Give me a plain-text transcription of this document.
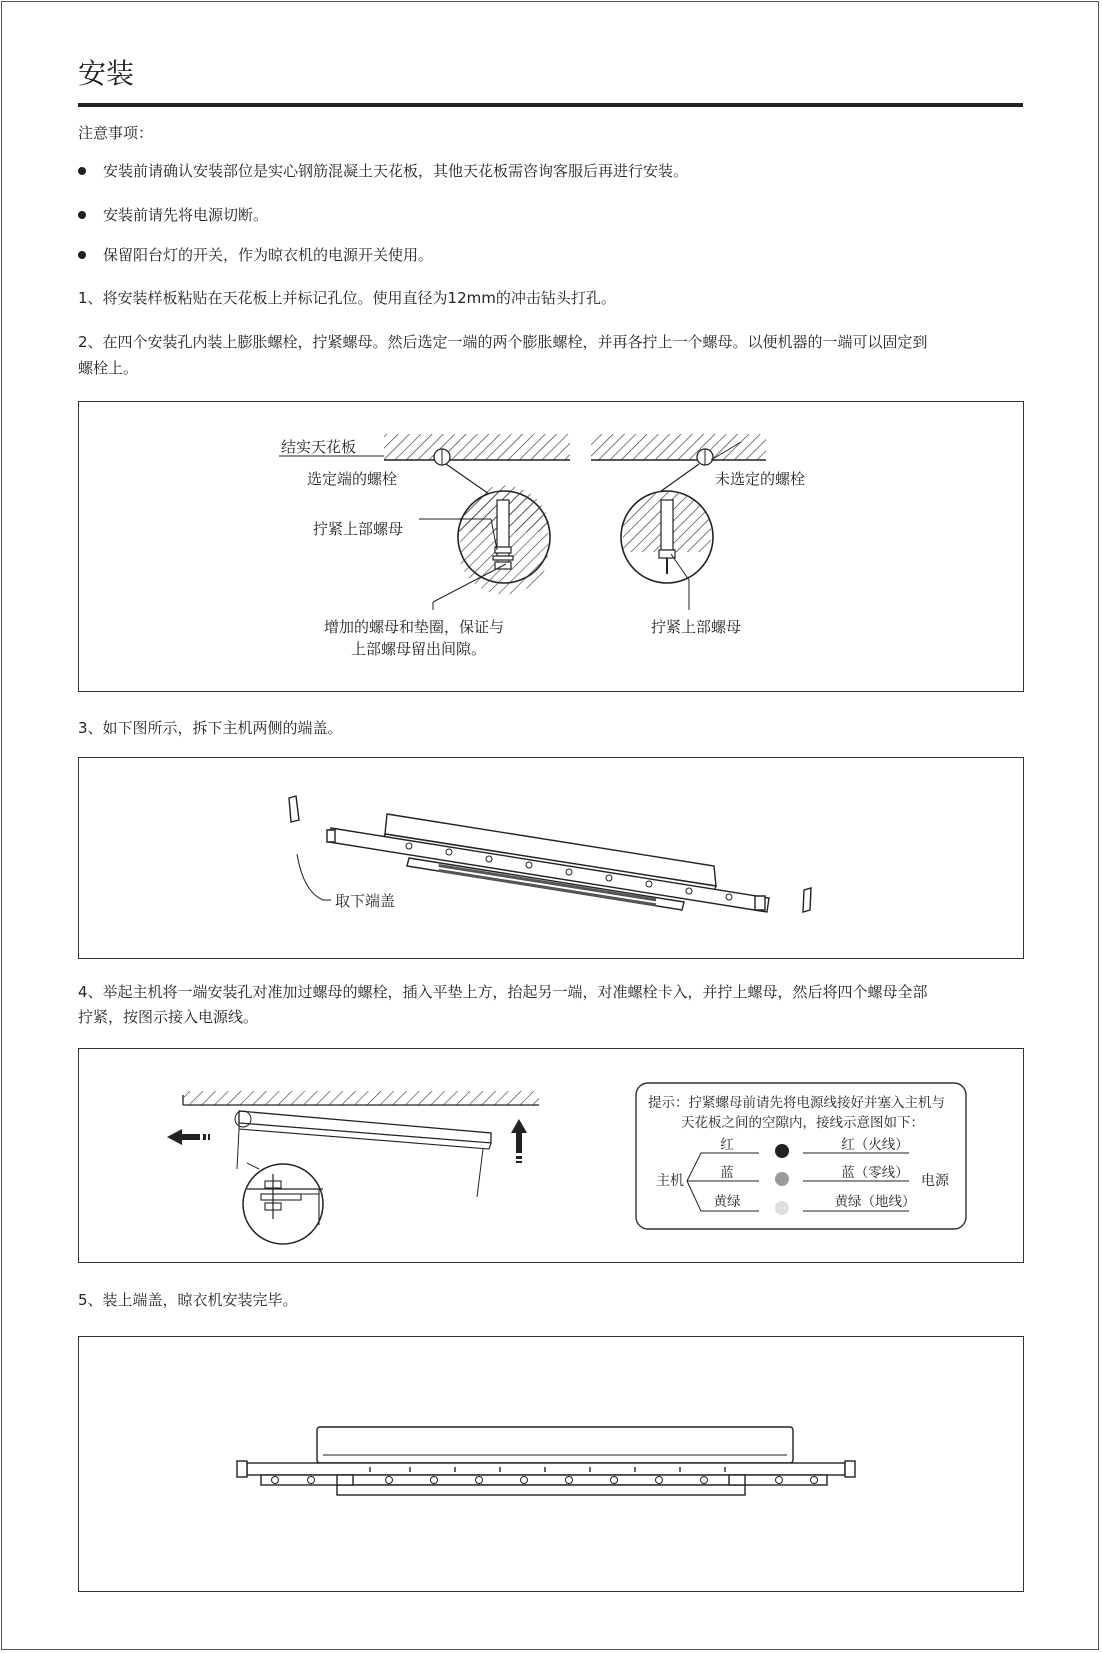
安装
注意事项：
安装前请确认安装部位是实心钢筋混凝土天花板，其他天花板需咨询客服后再进行安装。
安装前请先将电源切断。
保留阳台灯的开关，作为晾衣机的电源开关使用。
1、将安装样板粘贴在天花板上并标记孔位。使用直径为12mm的冲击钻头打孔。
2、在四个安装孔内装上膨胀螺栓，拧紧螺母。然后选定一端的两个膨胀螺栓，并再各拧上一个螺母。以便机器的一端可以固定到
螺栓上。
结实天花板
选定端的螺栓	未选定的螺栓
拧紧上部螺母
拧紧上部螺母
增加的螺母和垫圈，保证与
上部螺母留出间隙。
3、如下图所示，拆下主机两侧的端盖。
取下端盖
4、举起主机将一端安装孔对准加过螺母的螺栓，插入平垫上方，抬起另一端，对准螺栓卡入，并拧上螺母，然后将四个螺母全部
拧紧，按图示接入电源线。
提示：拧紧螺母前请先将电源线接好并塞入主机与
天花板之间的空隙内，接线示意图如下：
主机	电源
红
蓝
黄绿
红（火线）
蓝（零线）
黄绿（地线）
5、装上端盖，晾衣机安装完毕。
